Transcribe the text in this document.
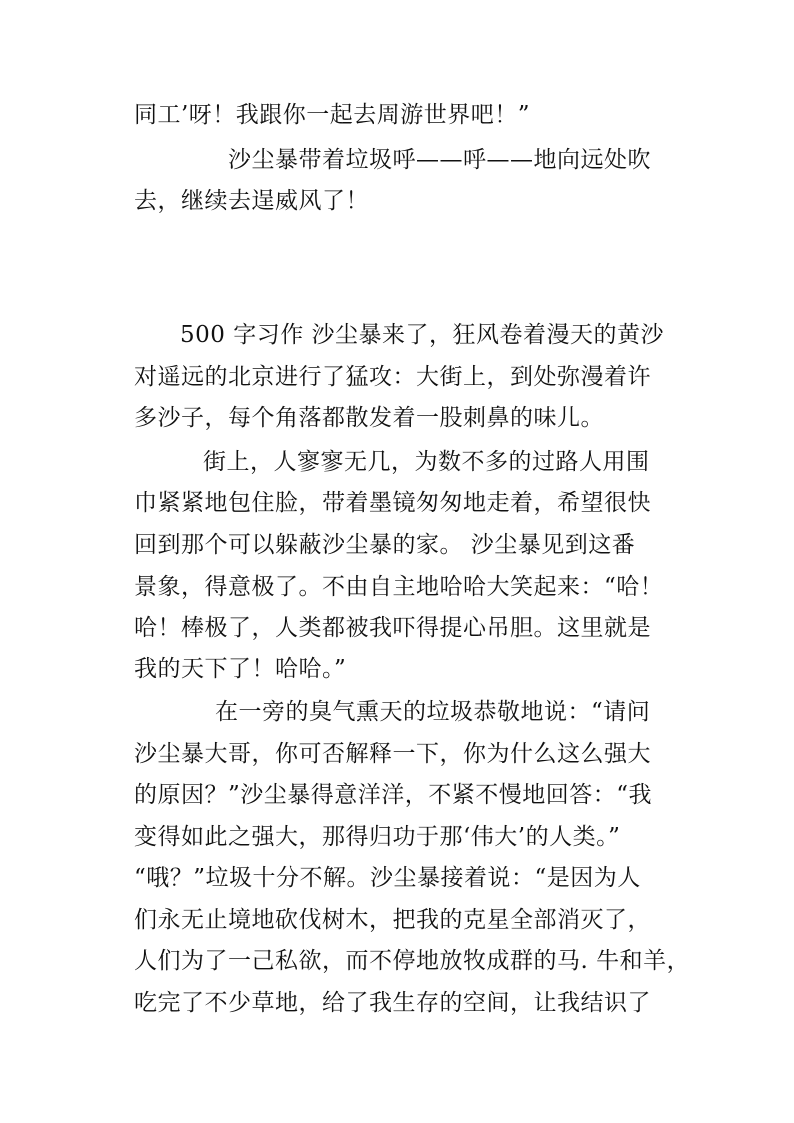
同工’呀！我跟你一起去周游世界吧！”
沙尘暴带着垃圾呼——呼——地向远处吹
去，继续去逞威风了！
500 字习作 沙尘暴来了，狂风卷着漫天的黄沙
对遥远的北京进行了猛攻：大街上，到处弥漫着许
多沙子，每个角落都散发着一股刺鼻的味儿。
街上，人寥寥无几，为数不多的过路人用围
巾紧紧地包住脸，带着墨镜匆匆地走着，希望很快
回到那个可以躲蔽沙尘暴的家。 沙尘暴见到这番
景象，得意极了。不由自主地哈哈大笑起来：“哈！
哈！棒极了，人类都被我吓得提心吊胆。这里就是
我的天下了！哈哈。”
在一旁的臭气熏天的垃圾恭敬地说：“请问
沙尘暴大哥，你可否解释一下，你为什么这么强大
的原因？”沙尘暴得意洋洋，不紧不慢地回答：“我
变得如此之强大，那得归功于那‘伟大’的人类。”
“哦？”垃圾十分不解。沙尘暴接着说：“是因为人
们永无止境地砍伐树木，把我的克星全部消灭了，
人们为了一己私欲，而不停地放牧成群的马. 牛和羊，
吃完了不少草地，给了我生存的空间，让我结识了
